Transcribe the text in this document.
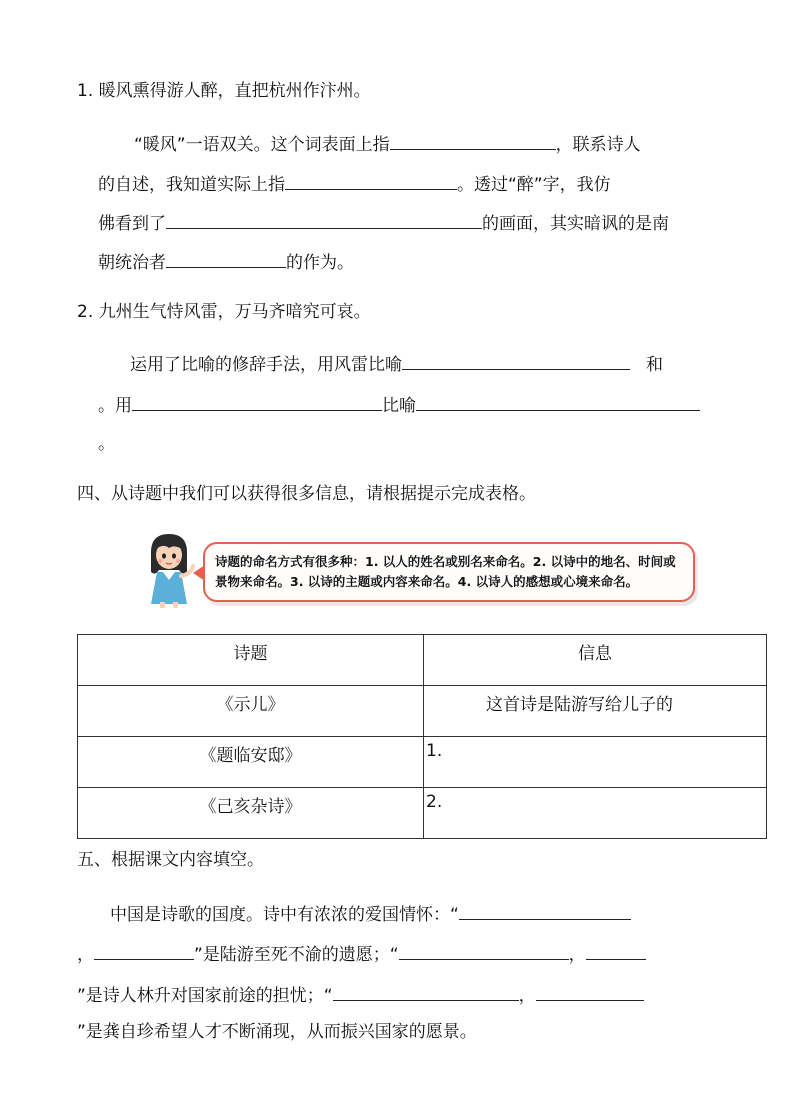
1. 暖风熏得游人醉，直把杭州作汴州。
“暖风”一语双关。这个词表面上指	，联系诗人
的自述，我知道实际上指	。透过“醉”字，我仿
佛看到了	的画面，其实暗讽的是南
朝统治者	的作为。
2. 九州生气恃风雷，万马齐喑究可哀。
运用了比喻的修辞手法，用风雷比喻	和
。用	比喻
。
四、从诗题中我们可以获得很多信息，请根据提示完成表格。
诗题的命名方式有很多种：1. 以人的姓名或别名来命名。2. 以诗中的地名、时间或景物来命名。3. 以诗的主题或内容来命名。4. 以诗人的感想或心境来命名。
诗题	信息
《示儿》	这首诗是陆游写给儿子的
《题临安邸》	1.
《己亥杂诗》	2.
五、根据课文内容填空。
中国是诗歌的国度。诗中有浓浓的爱国情怀：“
，	”是陆游至死不渝的遗愿；“	，
”是诗人林升对国家前途的担忧；“	，
”是龚自珍希望人才不断涌现，从而振兴国家的愿景。
